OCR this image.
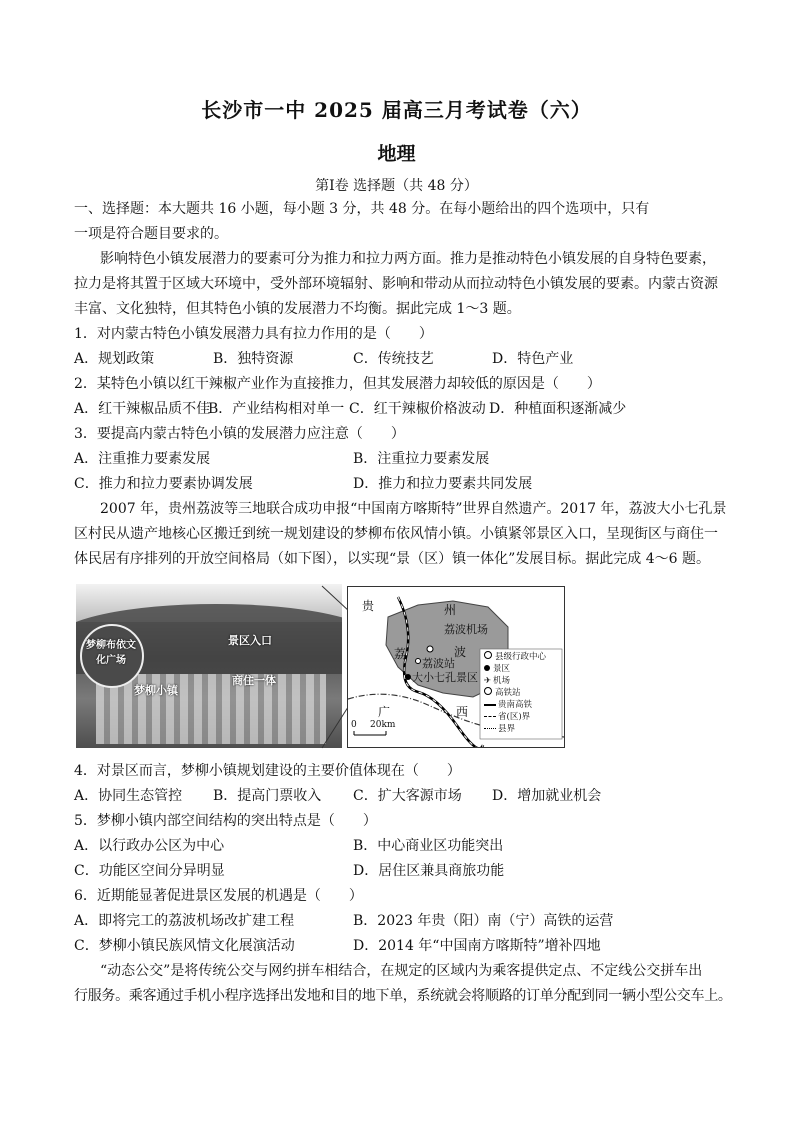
长沙市一中 2025 届高三月考试卷（六）
地理
第Ⅰ卷 选择题（共 48 分）
一、选择题：本大题共 16 小题，每小题 3 分，共 48 分。在每小题给出的四个选项中，只有
一项是符合题目要求的。
影响特色小镇发展潜力的要素可分为推力和拉力两方面。推力是推动特色小镇发展的自身特色要素，
拉力是将其置于区域大环境中，受外部环境辐射、影响和带动从而拉动特色小镇发展的要素。内蒙古资源
丰富、文化独特，但其特色小镇的发展潜力不均衡。据此完成 1～3 题。
1．对内蒙古特色小镇发展潜力具有拉力作用的是（　　）
A．规划政策	B．独特资源	C．传统技艺	D．特色产业
2．某特色小镇以红干辣椒产业作为直接推力，但其发展潜力却较低的原因是（　　）
A．红干辣椒品质不佳
B．产业结构相对单一 C．红干辣椒价格波动 D．种植面积逐渐减少
3．要提高内蒙古特色小镇的发展潜力应注意（　　）
A．注重推力要素发展	B．注重拉力要素发展
C．推力和拉力要素协调发展	D．推力和拉力要素共同发展
2007 年，贵州荔波等三地联合成功申报“中国南方喀斯特”世界自然遗产。2017 年，荔波大小七孔景
区村民从遗产地核心区搬迁到统一规划建设的梦柳布依风情小镇。小镇紧邻景区入口，呈现街区与商住一
体民居有序排列的开放空间格局（如下图），以实现“景（区）镇一体化”发展目标。据此完成 4～6 题。
梦柳布依文化广场
景区入口
梦柳小镇
商住一体
贵	州
荔	波
广	西
荔波机场
荔波站
大小七孔景区
0 20km
县级行政中心
景区
✈ 机场
高铁站
贵南高铁
省(区)界
县界
4．对景区而言，梦柳小镇规划建设的主要价值体现在（　　）
A．协同生态管控 B．提高门票收入 C．扩大客源市场 D．增加就业机会
5．梦柳小镇内部空间结构的突出特点是（　　）
A．以行政办公区为中心	B．中心商业区功能突出
C．功能区空间分异明显	D．居住区兼具商旅功能
6．近期能显著促进景区发展的机遇是（　　）
A．即将完工的荔波机场改扩建工程	B．2023 年贵（阳）南（宁）高铁的运营
C．梦柳小镇民族风情文化展演活动	D．2014 年“中国南方喀斯特”增补四地
“动态公交”是将传统公交与网约拼车相结合，在规定的区域内为乘客提供定点、不定线公交拼车出
行服务。乘客通过手机小程序选择出发地和目的地下单，系统就会将顺路的订单分配到同一辆小型公交车上。
